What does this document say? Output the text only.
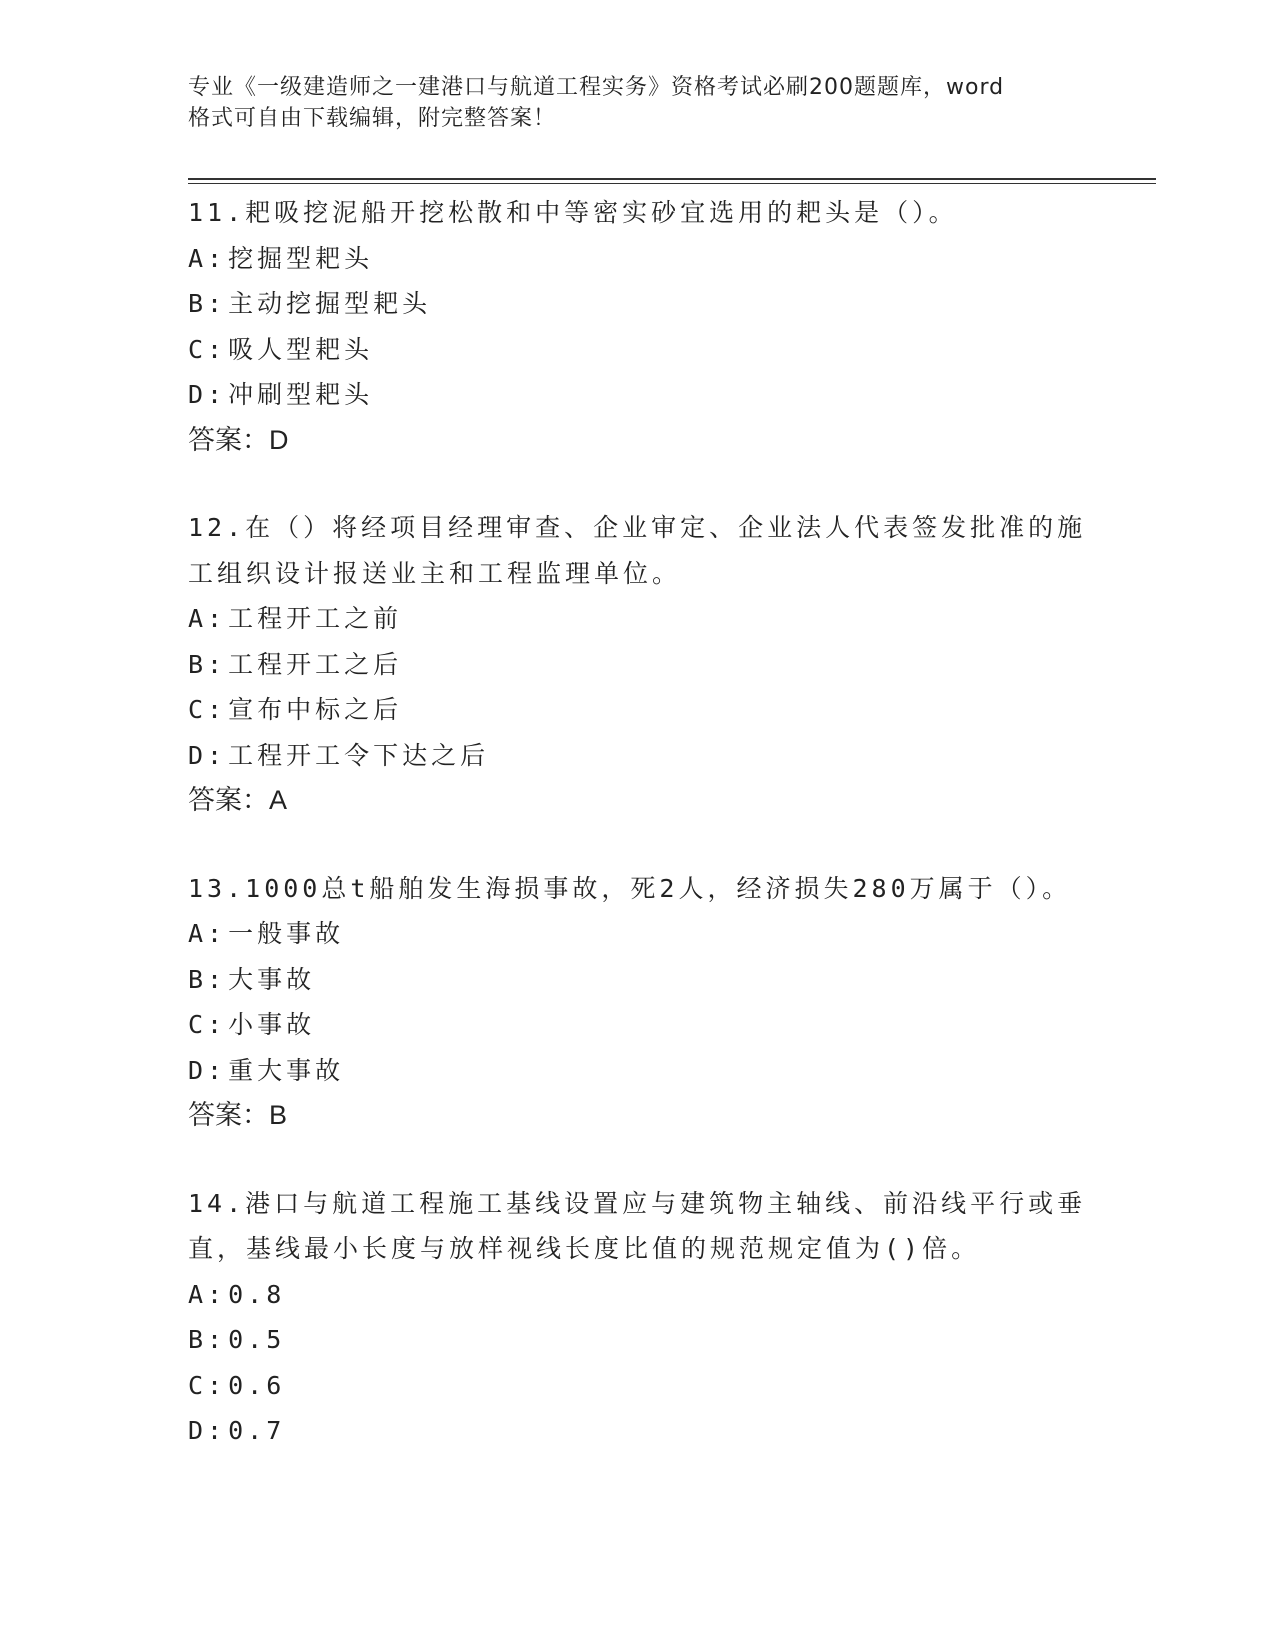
专业《一级建造师之一建港口与航道工程实务》资格考试必刷200题题库，word
格式可自由下载编辑，附完整答案！
11.耙吸挖泥船开挖松散和中等密实砂宜选用的耙头是（）。
A:挖掘型耙头
B:主动挖掘型耙头
C:吸人型耙头
D:冲刷型耙头
答案：D
12.在（）将经项目经理审查、企业审定、企业法人代表签发批准的施
工组织设计报送业主和工程监理单位。
A:工程开工之前
B:工程开工之后
C:宣布中标之后
D:工程开工令下达之后
答案：A
13.1000总t船舶发生海损事故，死2人，经济损失280万属于（）。
A:一般事故
B:大事故
C:小事故
D:重大事故
答案：B
14.港口与航道工程施工基线设置应与建筑物主轴线、前沿线平行或垂
直，基线最小长度与放样视线长度比值的规范规定值为()倍。
A:0.8
B:0.5
C:0.6
D:0.7
